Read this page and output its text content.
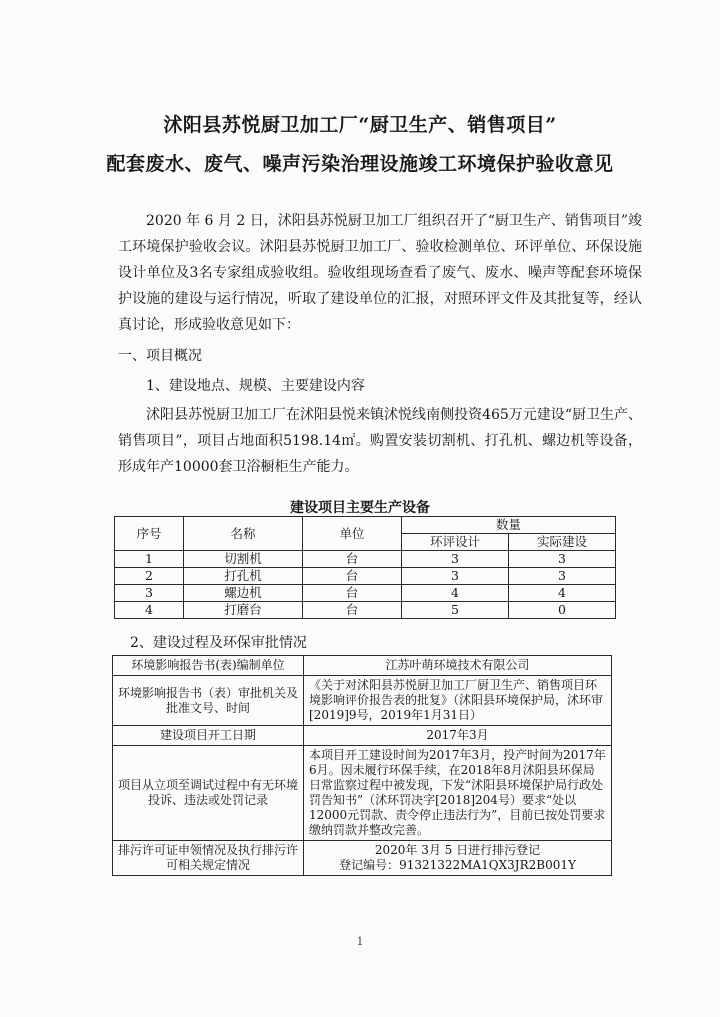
沭阳县苏悦厨卫加工厂“厨卫生产、销售项目”
配套废水、废气、噪声污染治理设施竣工环境保护验收意见

2020 年 6 月 2 日，沭阳县苏悦厨卫加工厂组织召开了“厨卫生产、销售项目”竣工环境保护验收会议。沭阳县苏悦厨卫加工厂、验收检测单位、环评单位、环保设施设计单位及3名专家组成验收组。验收组现场查看了废气、废水、噪声等配套环境保护设施的建设与运行情况，听取了建设单位的汇报，对照环评文件及其批复等，经认真讨论，形成验收意见如下：

一、项目概况
1、建设地点、规模、主要建设内容

沭阳县苏悦厨卫加工厂在沭阳县悦来镇沭悦线南侧投资465万元建设“厨卫生产、销售项目”，项目占地面积5198.14㎡。购置安装切割机、打孔机、螺边机等设备，形成年产10000套卫浴橱柜生产能力。

建设项目主要生产设备
序号	名称	单位	数量	
			环评设计	实际建设
1	切割机	台	3	3
2	打孔机	台	3	3
3	螺边机	台	4	4
4	打磨台	台	5	0
2、建设过程及环保审批情况
环境影响报告书(表)编制单位	江苏叶萌环境技术有限公司
环境影响报告书（表）审批机关及批准文号、时间	《关于对沭阳县苏悦厨卫加工厂厨卫生产、销售项目环境影响评价报告表的批复》（沭阳县环境保护局，沭环审[2019]9号，2019年1月31日）
建设项目开工日期	2017年3月
项目从立项至调试过程中有无环境投诉、违法或处罚记录	本项目开工建设时间为2017年3月，投产时间为2017年6月。因未履行环保手续，在2018年8月沭阳县环保局日常监察过程中被发现，下发“沭阳县环境保护局行政处罚告知书”（沭环罚决字[2018]204号）要求“处以12000元罚款、责令停止违法行为”，目前已按处罚要求缴纳罚款并整改完善。
排污许可证申领情况及执行排污许可相关规定情况	2020年 3月 5 日进行排污登记
登记编号：91321322MA1QX3JR2B001Y
1
